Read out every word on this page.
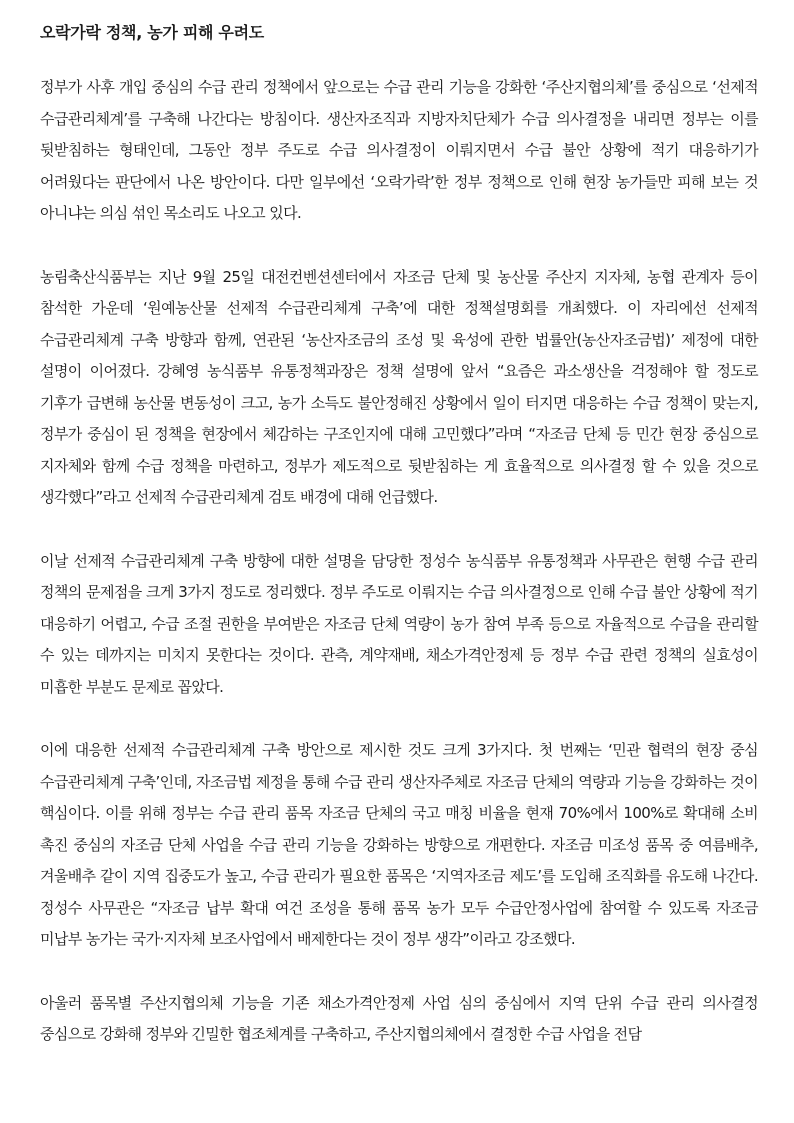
오락가락 정책, 농가 피해 우려도

정부가 사후 개입 중심의 수급 관리 정책에서 앞으로는 수급 관리 기능을 강화한 ‘주산지협의체’를 중심으로 ‘선제적 수급관리체계’를 구축해 나간다는 방침이다. 생산자조직과 지방자치단체가 수급 의사결정을 내리면 정부는 이를 뒷받침하는 형태인데, 그동안 정부 주도로 수급 의사결정이 이뤄지면서 수급 불안 상황에 적기 대응하기가 어려웠다는 판단에서 나온 방안이다. 다만 일부에선 ‘오락가락’한 정부 정책으로 인해 현장 농가들만 피해 보는 것 아니냐는 의심 섞인 목소리도 나오고 있다.

농림축산식품부는 지난 9월 25일 대전컨벤션센터에서 자조금 단체 및 농산물 주산지 지자체, 농협 관계자 등이 참석한 가운데 ‘원예농산물 선제적 수급관리체계 구축’에 대한 정책설명회를 개최했다. 이 자리에선 선제적 수급관리체계 구축 방향과 함께, 연관된 ‘농산자조금의 조성 및 육성에 관한 법률안(농산자조금법)’ 제정에 대한 설명이 이어졌다. 강혜영 농식품부 유통정책과장은 정책 설명에 앞서 “요즘은 과소생산을 걱정해야 할 정도로 기후가 급변해 농산물 변동성이 크고, 농가 소득도 불안정해진 상황에서 일이 터지면 대응하는 수급 정책이 맞는지, 정부가 중심이 된 정책을 현장에서 체감하는 구조인지에 대해 고민했다”라며 “자조금 단체 등 민간 현장 중심으로 지자체와 함께 수급 정책을 마련하고, 정부가 제도적으로 뒷받침하는 게 효율적으로 의사결정 할 수 있을 것으로 생각했다”라고 선제적 수급관리체계 검토 배경에 대해 언급했다.

이날 선제적 수급관리체계 구축 방향에 대한 설명을 담당한 정성수 농식품부 유통정책과 사무관은 현행 수급 관리 정책의 문제점을 크게 3가지 정도로 정리했다. 정부 주도로 이뤄지는 수급 의사결정으로 인해 수급 불안 상황에 적기 대응하기 어렵고, 수급 조절 권한을 부여받은 자조금 단체 역량이 농가 참여 부족 등으로 자율적으로 수급을 관리할 수 있는 데까지는 미치지 못한다는 것이다. 관측, 계약재배, 채소가격안정제 등 정부 수급 관련 정책의 실효성이 미흡한 부분도 문제로 꼽았다.

이에 대응한 선제적 수급관리체계 구축 방안으로 제시한 것도 크게 3가지다. 첫 번째는 ‘민관 협력의 현장 중심 수급관리체계 구축’인데, 자조금법 제정을 통해 수급 관리 생산자주체로 자조금 단체의 역량과 기능을 강화하는 것이 핵심이다. 이를 위해 정부는 수급 관리 품목 자조금 단체의 국고 매칭 비율을 현재 70%에서 100%로 확대해 소비 촉진 중심의 자조금 단체 사업을 수급 관리 기능을 강화하는 방향으로 개편한다. 자조금 미조성 품목 중 여름배추, 겨울배추 같이 지역 집중도가 높고, 수급 관리가 필요한 품목은 ‘지역자조금 제도’를 도입해 조직화를 유도해 나간다. 정성수 사무관은 “자조금 납부 확대 여건 조성을 통해 품목 농가 모두 수급안정사업에 참여할 수 있도록 자조금 미납부 농가는 국가·지자체 보조사업에서 배제한다는 것이 정부 생각”이라고 강조했다.

아울러 품목별 주산지협의체 기능을 기존 채소가격안정제 사업 심의 중심에서 지역 단위 수급 관리 의사결정 중심으로 강화해 정부와 긴밀한 협조체계를 구축하고, 주산지협의체에서 결정한 수급 사업을 전담
